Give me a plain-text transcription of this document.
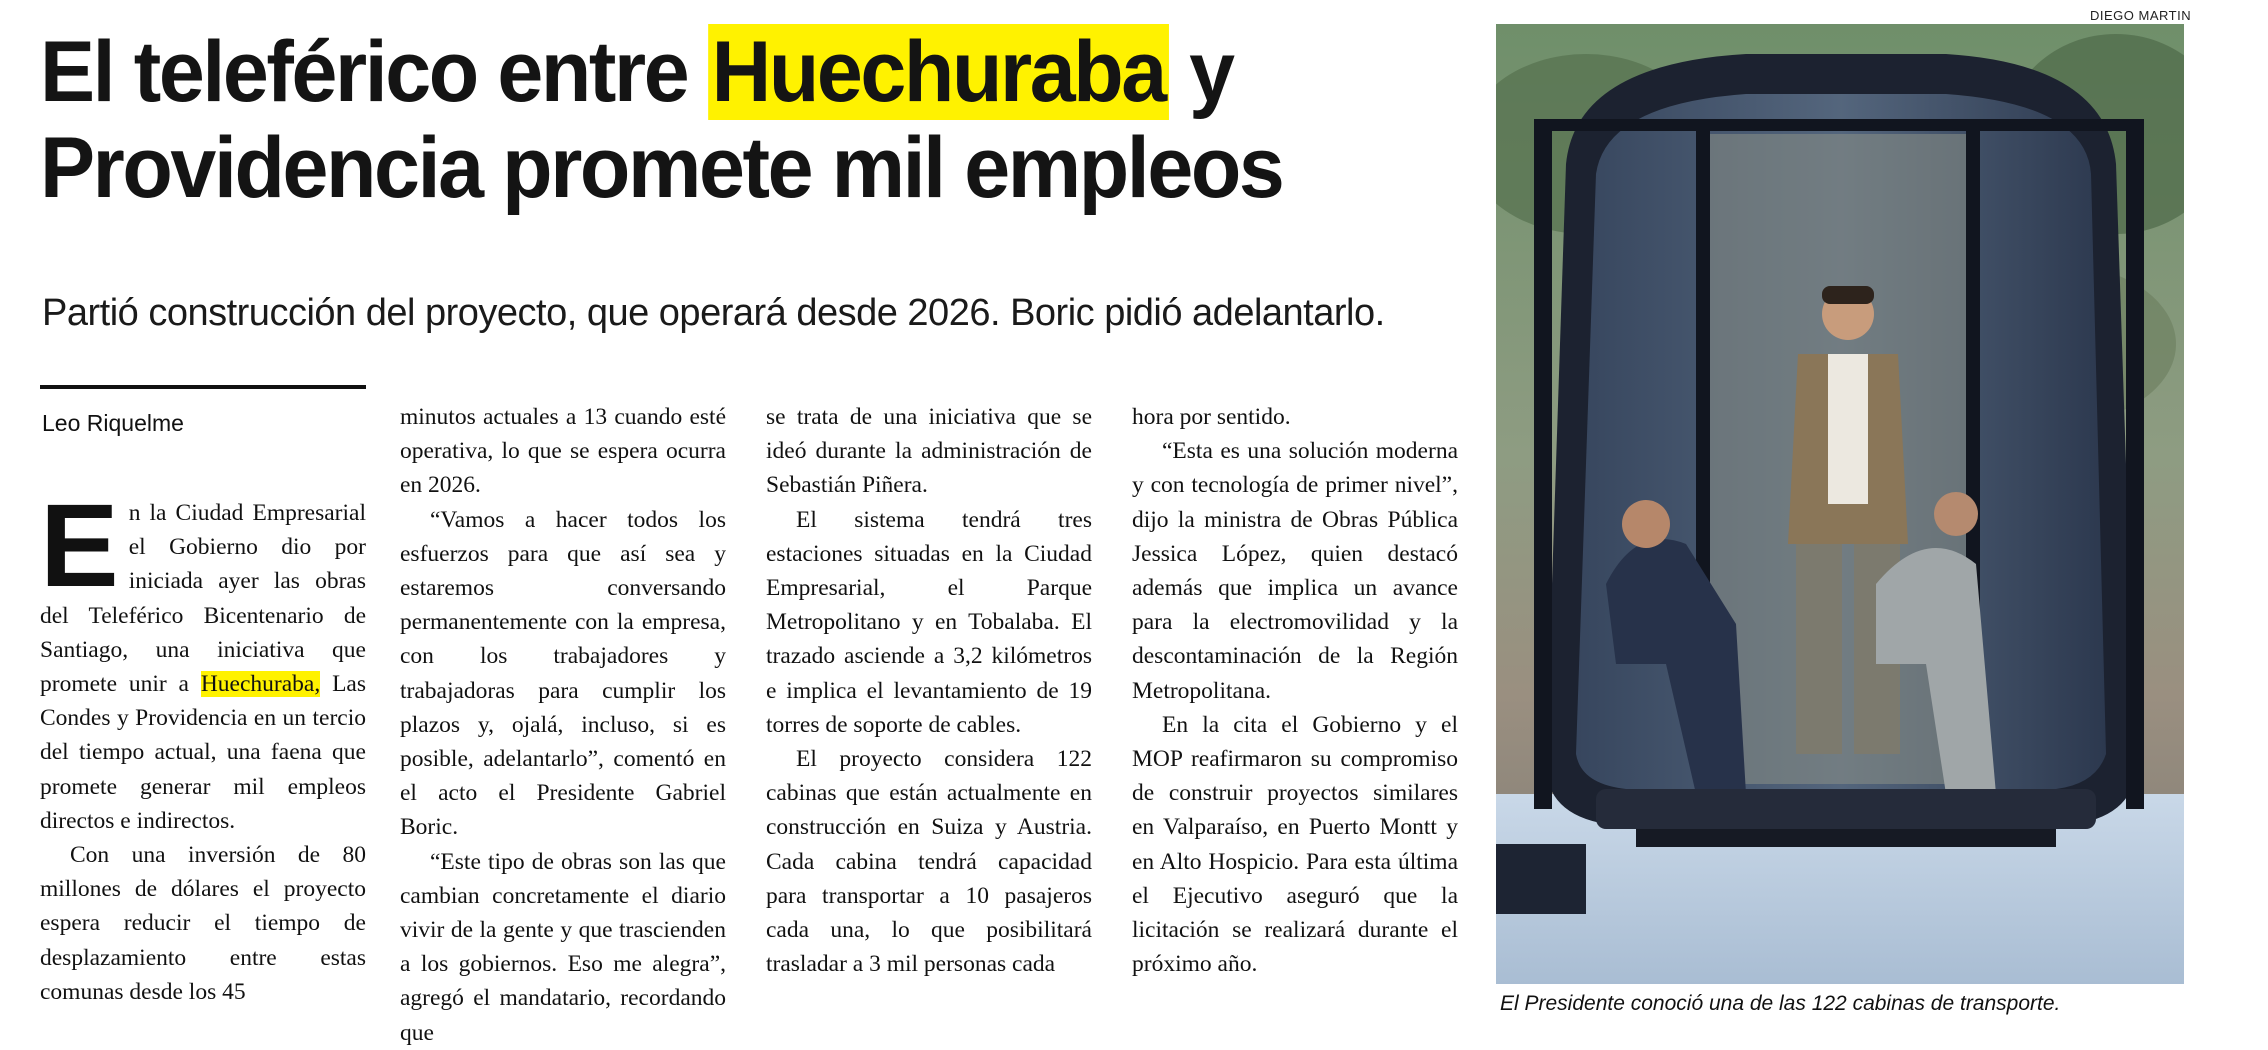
El teleférico entre Huechuraba y
Providencia promete mil empleos
Partió construcción del proyecto, que operará desde 2026. Boric pidió adelantarlo.
Leo Riquelme

En la Ciudad Empresarial el Gobierno dio por iniciada ayer las obras del Teleférico Bicentenario de Santiago, una iniciativa que promete unir a Huechuraba, Las Condes y Providencia en un tercio del tiempo actual, una faena que promete generar mil empleos directos e indirectos.

Con una inversión de 80 millones de dólares el proyecto espera reducir el tiempo de desplazamiento entre estas comunas desde los 45

minutos actuales a 13 cuando esté operativa, lo que se espera ocurra en 2026.

“Vamos a hacer todos los esfuerzos para que así sea y estaremos conversando permanentemente con la empresa, con los trabajadores y trabajadoras para cumplir los plazos y, ojalá, incluso, si es posible, adelantarlo”, comentó en el acto el Presidente Gabriel Boric.

“Este tipo de obras son las que cambian concretamente el diario vivir de la gente y que trascienden a los gobiernos. Eso me alegra”, agregó el mandatario, recordando que

se trata de una iniciativa que se ideó durante la administración de Sebastián Piñera.

El sistema tendrá tres estaciones situadas en la Ciudad Empresarial, el Parque Metropolitano y en Tobalaba. El trazado asciende a 3,2 kilómetros e implica el levantamiento de 19 torres de soporte de cables.

El proyecto considera 122 cabinas que están actualmente en construcción en Suiza y Austria. Cada cabina tendrá capacidad para transportar a 10 pasajeros cada una, lo que posibilitará trasladar a 3 mil personas cada

hora por sentido.

“Esta es una solución moderna y con tecnología de primer nivel”, dijo la ministra de Obras Pública Jessica López, quien destacó además que implica un avance para la electromovilidad y la descontaminación de la Región Metropolitana.

En la cita el Gobierno y el MOP reafirmaron su compromiso de construir proyectos similares en Valparaíso, en Puerto Montt y en Alto Hospicio. Para esta última el Ejecutivo aseguró que la licitación se realizará durante el próximo año.

DIEGO MARTIN
El Presidente conoció una de las 122 cabinas de transporte.
